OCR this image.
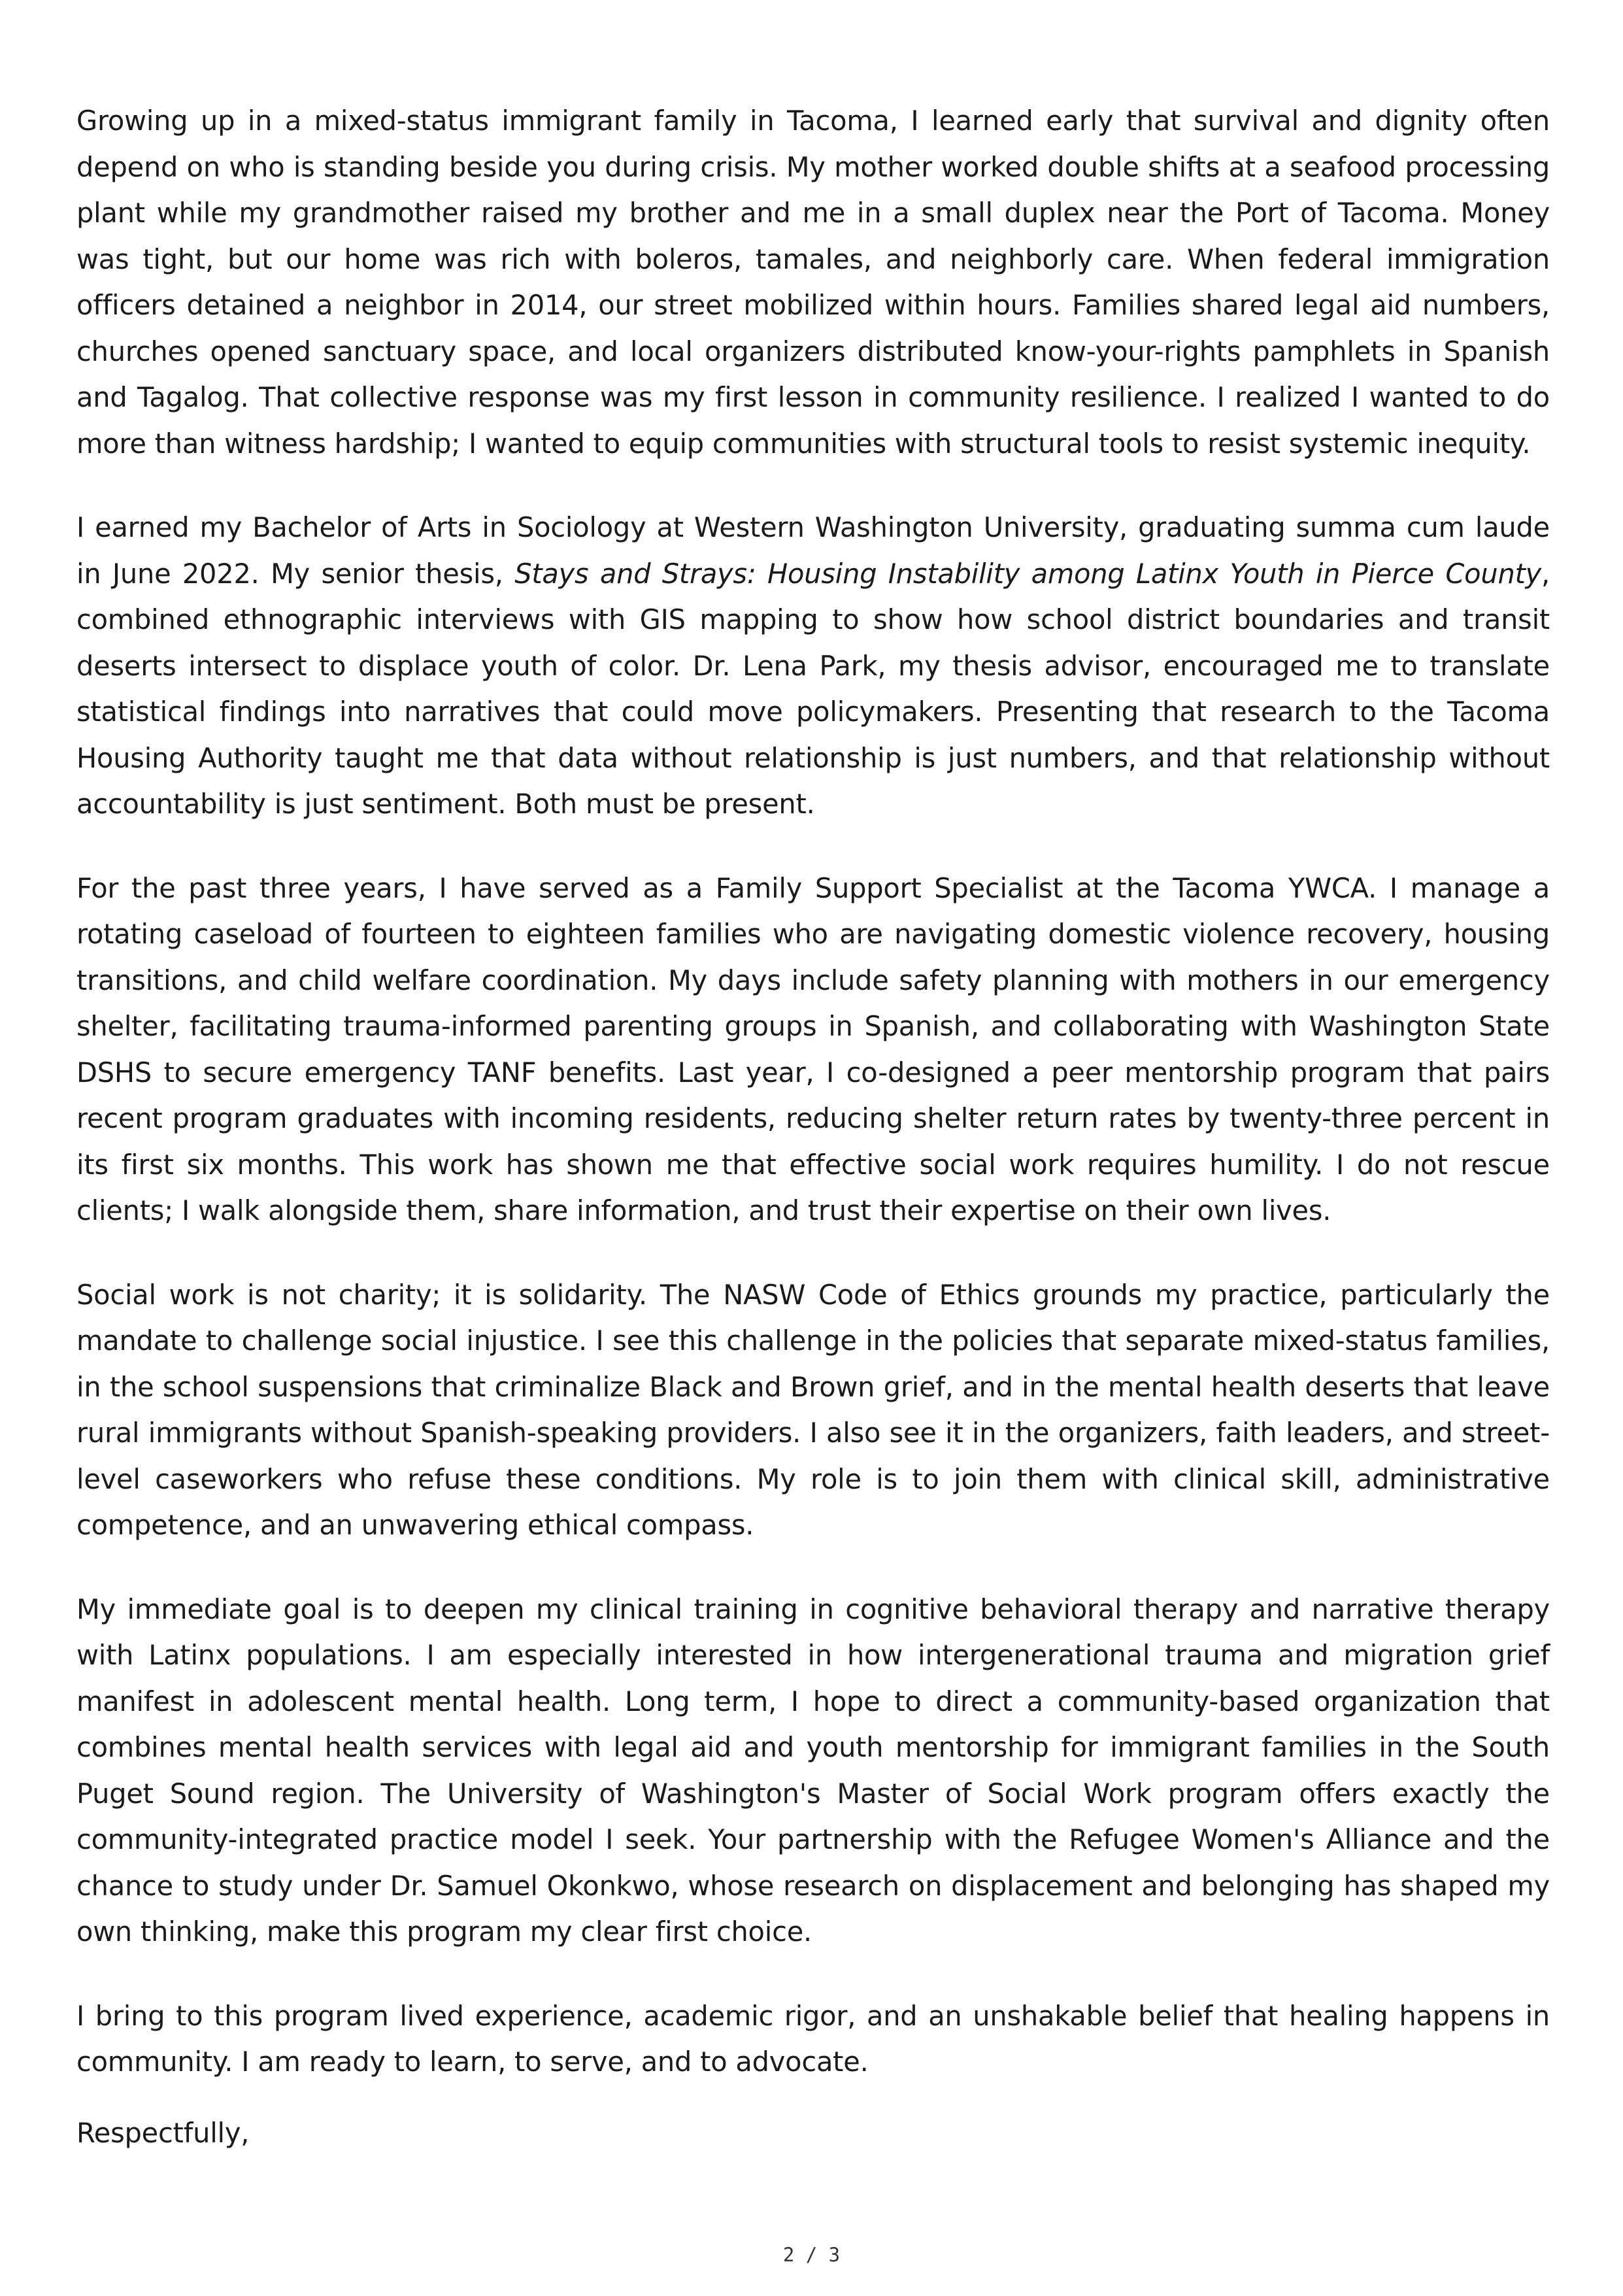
Growing up in a mixed-status immigrant family in Tacoma, I learned early that survival and dignity often depend on who is standing beside you during crisis. My mother worked double shifts at a seafood processing plant while my grandmother raised my brother and me in a small duplex near the Port of Tacoma. Money was tight, but our home was rich with boleros, tamales, and neighborly care. When federal immigration officers detained a neighbor in 2014, our street mobilized within hours. Families shared legal aid numbers, churches opened sanctuary space, and local organizers distributed know-your-rights pamphlets in Spanish and Tagalog. That collective response was my first lesson in community resilience. I realized I wanted to do more than witness hardship; I wanted to equip communities with structural tools to resist systemic inequity.

I earned my Bachelor of Arts in Sociology at Western Washington University, graduating summa cum laude in June 2022. My senior thesis, Stays and Strays: Housing Instability among Latinx Youth in Pierce County, combined ethnographic interviews with GIS mapping to show how school district boundaries and transit deserts intersect to displace youth of color. Dr. Lena Park, my thesis advisor, encouraged me to translate statistical findings into narratives that could move policymakers. Presenting that research to the Tacoma Housing Authority taught me that data without relationship is just numbers, and that relationship without accountability is just sentiment. Both must be present.

For the past three years, I have served as a Family Support Specialist at the Tacoma YWCA. I manage a rotating caseload of fourteen to eighteen families who are navigating domestic violence recovery, housing transitions, and child welfare coordination. My days include safety planning with mothers in our emergency shelter, facilitating trauma-informed parenting groups in Spanish, and collaborating with Washington State DSHS to secure emergency TANF benefits. Last year, I co-designed a peer mentorship program that pairs recent program graduates with incoming residents, reducing shelter return rates by twenty-three percent in its first six months. This work has shown me that effective social work requires humility. I do not rescue clients; I walk alongside them, share information, and trust their expertise on their own lives.

Social work is not charity; it is solidarity. The NASW Code of Ethics grounds my practice, particularly the mandate to challenge social injustice. I see this challenge in the policies that separate mixed-status families, in the school suspensions that criminalize Black and Brown grief, and in the mental health deserts that leave rural immigrants without Spanish-speaking providers. I also see it in the organizers, faith leaders, and street-level caseworkers who refuse these conditions. My role is to join them with clinical skill, administrative competence, and an unwavering ethical compass.

My immediate goal is to deepen my clinical training in cognitive behavioral therapy and narrative therapy with Latinx populations. I am especially interested in how intergenerational trauma and migration grief manifest in adolescent mental health. Long term, I hope to direct a community-based organization that combines mental health services with legal aid and youth mentorship for immigrant families in the South Puget Sound region. The University of Washington's Master of Social Work program offers exactly the community-integrated practice model I seek. Your partnership with the Refugee Women's Alliance and the chance to study under Dr. Samuel Okonkwo, whose research on displacement and belonging has shaped my own thinking, make this program my clear first choice.

I bring to this program lived experience, academic rigor, and an unshakable belief that healing happens in community. I am ready to learn, to serve, and to advocate.

Respectfully,

2 / 3
